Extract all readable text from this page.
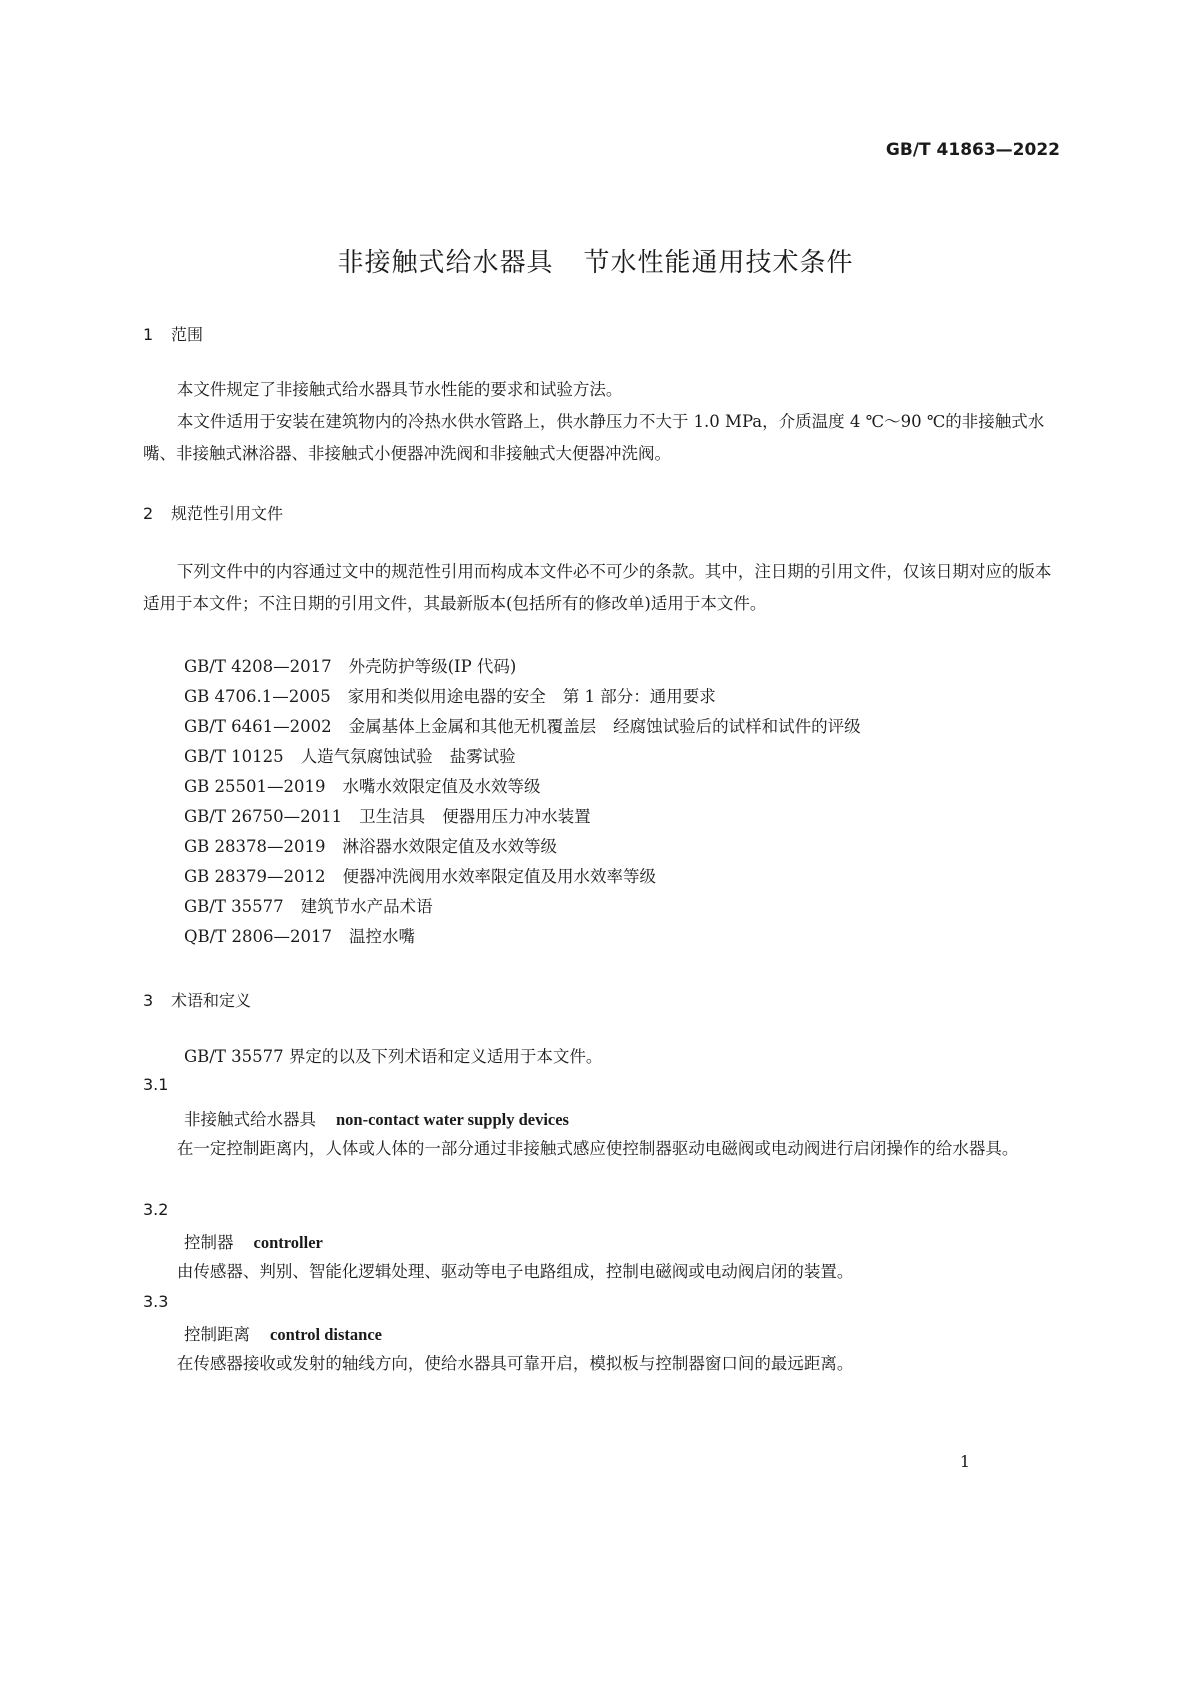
GB/T 41863—2022
非接触式给水器具 节水性能通用技术条件
1 范围

本文件规定了非接触式给水器具节水性能的要求和试验方法。

本文件适用于安装在建筑物内的冷热水供水管路上，供水静压力不大于 1.0 MPa，介质温度 4 ℃～90 ℃的非接触式水嘴、非接触式淋浴器、非接触式小便器冲洗阀和非接触式大便器冲洗阀。

2 规范性引用文件

下列文件中的内容通过文中的规范性引用而构成本文件必不可少的条款。其中，注日期的引用文件，仅该日期对应的版本适用于本文件；不注日期的引用文件，其最新版本(包括所有的修改单)适用于本文件。

GB/T 4208—2017 外壳防护等级(IP 代码)
GB 4706.1—2005 家用和类似用途电器的安全 第 1 部分：通用要求
GB/T 6461—2002 金属基体上金属和其他无机覆盖层 经腐蚀试验后的试样和试件的评级
GB/T 10125 人造气氛腐蚀试验 盐雾试验
GB 25501—2019 水嘴水效限定值及水效等级
GB/T 26750—2011 卫生洁具 便器用压力冲水装置
GB 28378—2019 淋浴器水效限定值及水效等级
GB 28379—2012 便器冲洗阀用水效率限定值及用水效率等级
GB/T 35577 建筑节水产品术语
QB/T 2806—2017 温控水嘴
3 术语和定义
GB/T 35577 界定的以及下列术语和定义适用于本文件。
3.1
非接触式给水器具 non-contact water supply devices

在一定控制距离内，人体或人体的一部分通过非接触式感应使控制器驱动电磁阀或电动阀进行启闭操作的给水器具。

3.2
控制器 controller

由传感器、判别、智能化逻辑处理、驱动等电子电路组成，控制电磁阀或电动阀启闭的装置。

3.3
控制距离 control distance

在传感器接收或发射的轴线方向，使给水器具可靠开启，模拟板与控制器窗口间的最远距离。

1
